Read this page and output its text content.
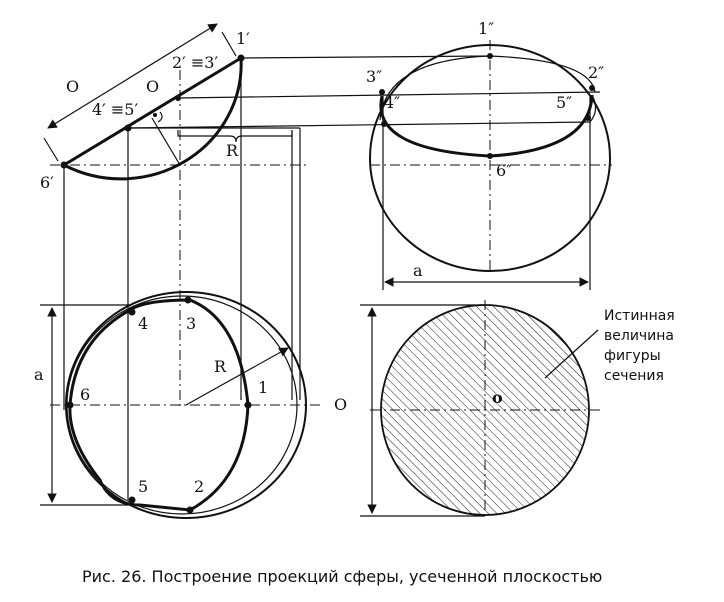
1′
2′ ≡3′
4′ ≡5′
6′
O	O
R
1″
2″
3″
4″	5″
6″
a
4 3
6	1
5	2
R
a
O	o
Истинная
величина
фигуры
сечения
Рис. 26. Построение проекций сферы, усеченной плоскостью
